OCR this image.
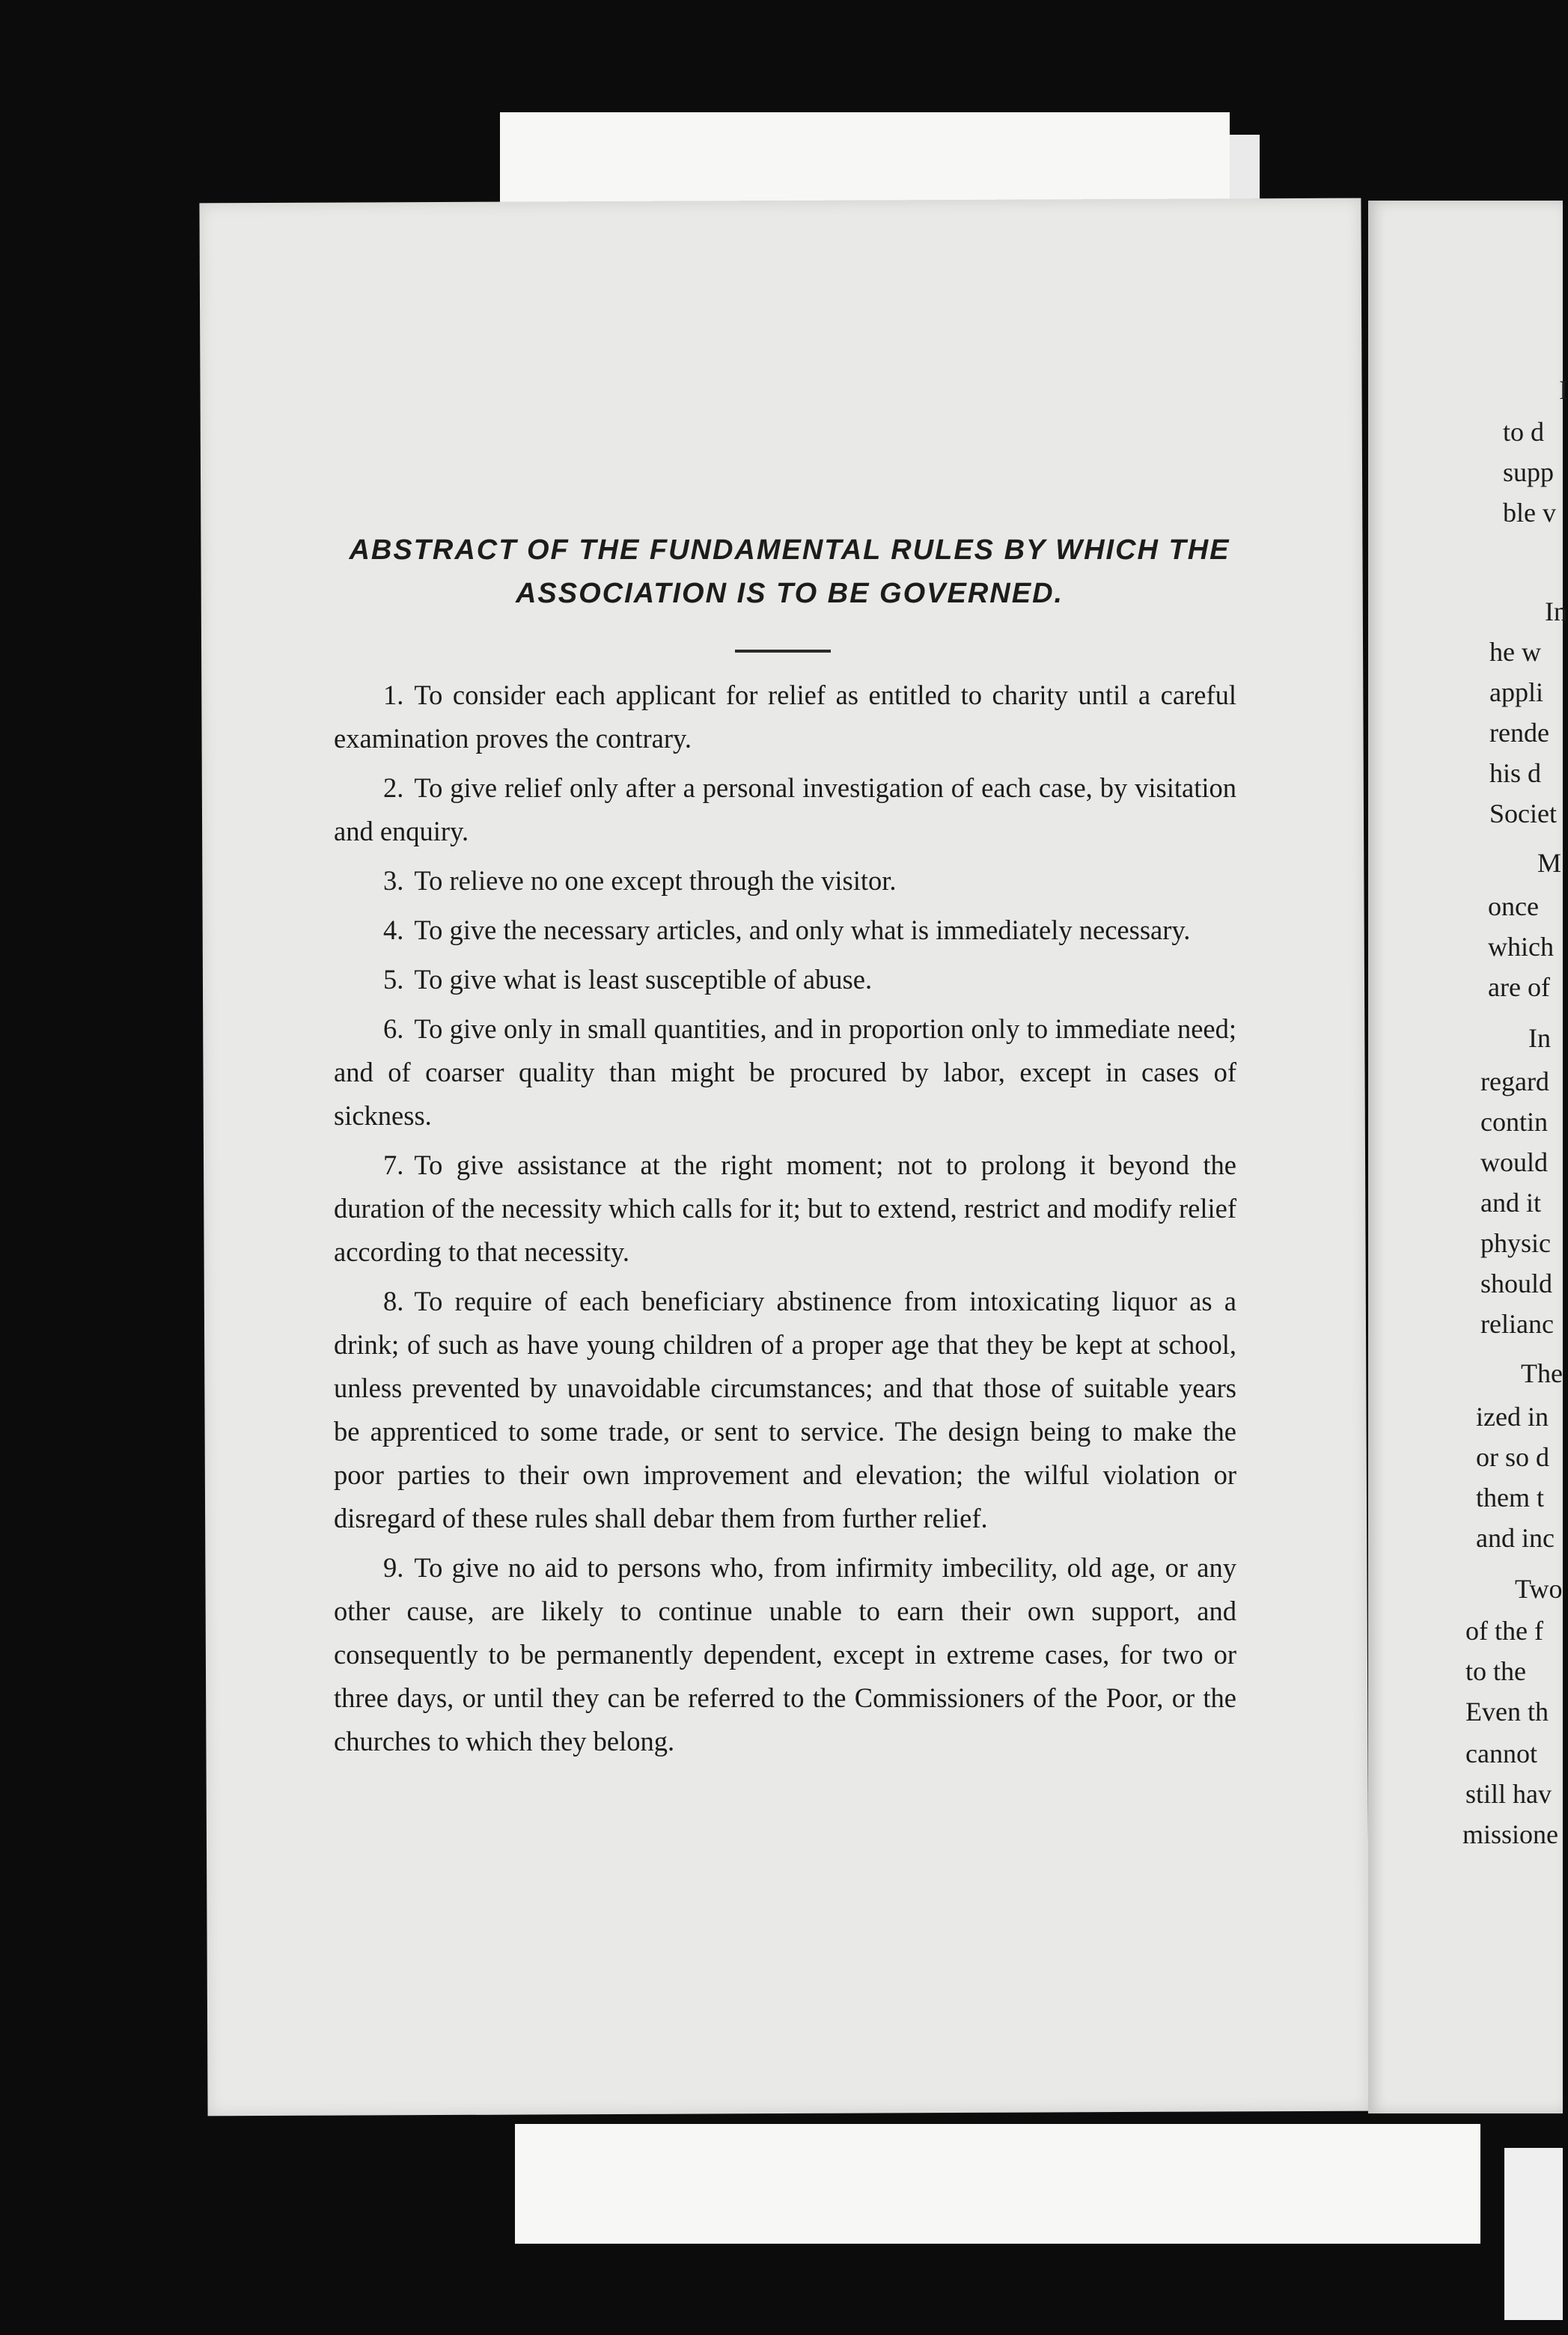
I
to d
supp
ble v
In
he w
appli
rende
his d
Societ
M
once
which
are of
In
regard
contin
would
and it
physic
should
relianc
The
ized in
or so d
them t
and inc
Two
of the f
to the
Even th
cannot
still hav
missione
ABSTRACT OF THE FUNDAMENTAL RULES BY WHICH THE
ASSOCIATION IS TO BE GOVERNED.

1. To consider each applicant for relief as entitled to charity until a careful examination proves the contrary.

2. To give relief only after a personal investigation of each case, by visitation and enquiry.

3. To relieve no one except through the visitor.

4. To give the necessary articles, and only what is immediately necessary.

5. To give what is least susceptible of abuse.

6. To give only in small quantities, and in proportion only to immediate need; and of coarser quality than might be procured by labor, except in cases of sickness.

7. To give assistance at the right moment; not to prolong it beyond the duration of the necessity which calls for it; but to extend, restrict and modify relief according to that necessity.

8. To require of each beneficiary abstinence from intoxicating liquor as a drink; of such as have young children of a proper age that they be kept at school, unless prevented by unavoidable circumstances; and that those of suitable years be apprenticed to some trade, or sent to service. The design being to make the poor parties to their own improvement and elevation; the wilful violation or disregard of these rules shall debar them from further relief.

9. To give no aid to persons who, from infirmity imbecility, old age, or any other cause, are likely to continue unable to earn their own support, and consequently to be permanently dependent, except in extreme cases, for two or three days, or until they can be referred to the Commissioners of the Poor, or the churches to which they belong.
